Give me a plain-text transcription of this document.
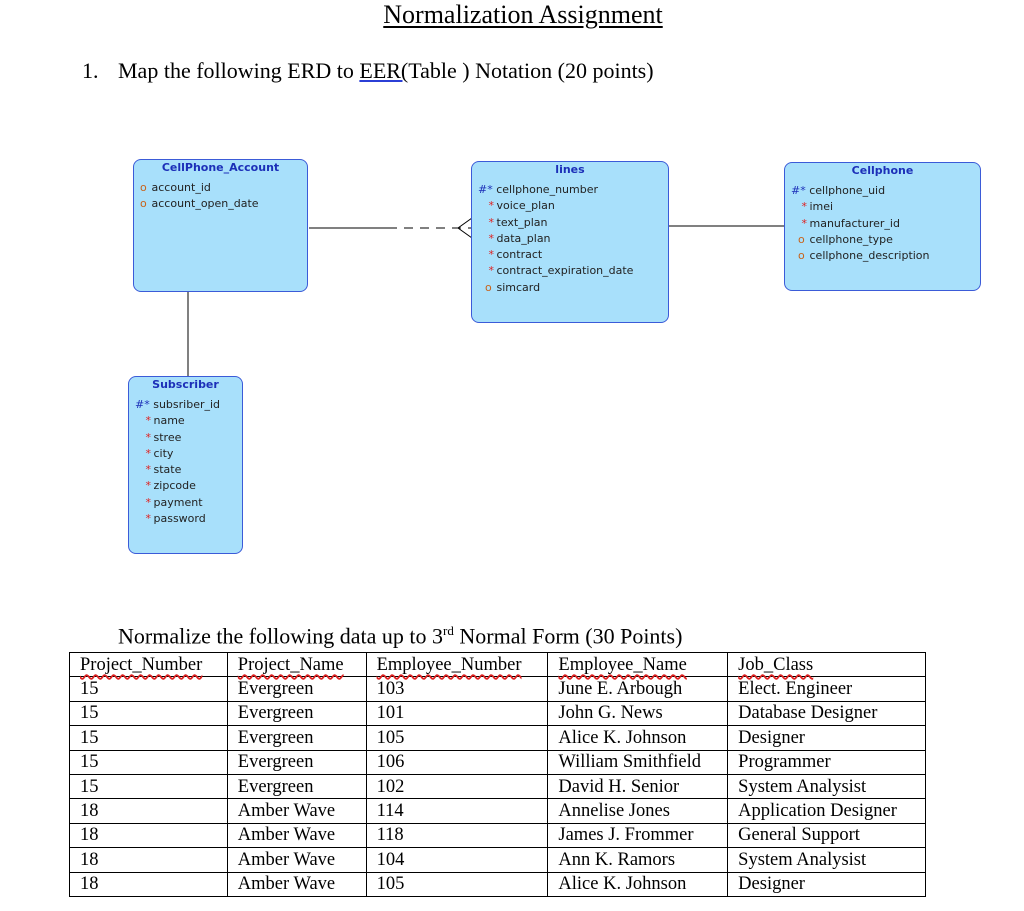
Normalization Assignment
1. Map the following ERD to EER(Table ) Notation (20 points)
CellPhone_Account
o account_id
o account_open_date
lines
#* cellphone_number
* voice_plan
* text_plan
* data_plan
* contract
* contract_expiration_date
o simcard
Cellphone
#* cellphone_uid
* imei
* manufacturer_id
o cellphone_type
o cellphone_description
Subscriber
#* subsriber_id
* name
* stree
* city
* state
* zipcode
* payment
* password
Normalize the following data up to 3rd Normal Form (30 Points)
Project_Number	Project_Name	Employee_Number	Employee_Name	Job_Class
15	Evergreen	103	June E. Arbough	Elect. Engineer
15	Evergreen	101	John G. News	Database Designer
15	Evergreen	105	Alice K. Johnson	Designer
15	Evergreen	106	William Smithfield	Programmer
15	Evergreen	102	David H. Senior	System Analysist
18	Amber Wave	114	Annelise Jones	Application Designer
18	Amber Wave	118	James J. Frommer	General Support
18	Amber Wave	104	Ann K. Ramors	System Analysist
18	Amber Wave	105	Alice K. Johnson	Designer
